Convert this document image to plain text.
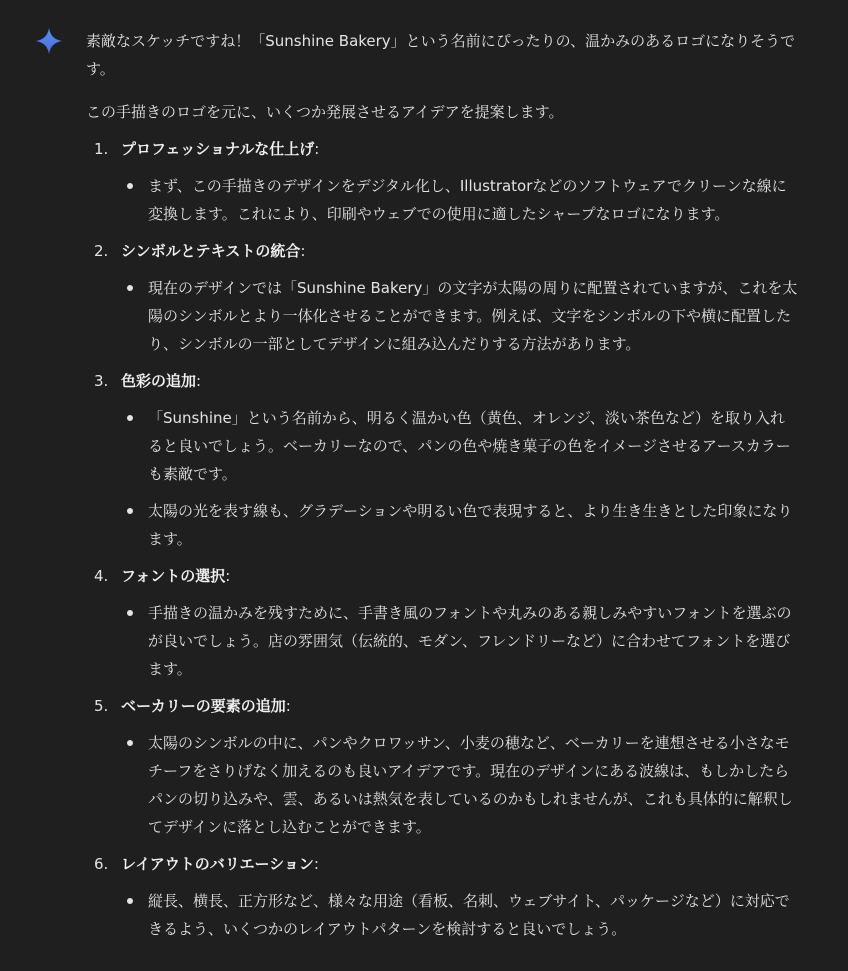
素敵なスケッチですね！「Sunshine Bakery」という名前にぴったりの、温かみのあるロゴになりそうです。

この手描きのロゴを元に、いくつか発展させるアイデアを提案します。

1. プロフェッショナルな仕上げ:
まず、この手描きのデザインをデジタル化し、Illustratorなどのソフトウェアでクリーンな線に変換します。これにより、印刷やウェブでの使用に適したシャープなロゴになります。
2. シンボルとテキストの統合:
現在のデザインでは「Sunshine Bakery」の文字が太陽の周りに配置されていますが、これを太陽のシンボルとより一体化させることができます。例えば、文字をシンボルの下や横に配置したり、シンボルの一部としてデザインに組み込んだりする方法があります。
3. 色彩の追加:
「Sunshine」という名前から、明るく温かい色（黄色、オレンジ、淡い茶色など）を取り入れると良いでしょう。ベーカリーなので、パンの色や焼き菓子の色をイメージさせるアースカラーも素敵です。
太陽の光を表す線も、グラデーションや明るい色で表現すると、より生き生きとした印象になります。
4. フォントの選択:
手描きの温かみを残すために、手書き風のフォントや丸みのある親しみやすいフォントを選ぶのが良いでしょう。店の雰囲気（伝統的、モダン、フレンドリーなど）に合わせてフォントを選びます。
5. ベーカリーの要素の追加:
太陽のシンボルの中に、パンやクロワッサン、小麦の穂など、ベーカリーを連想させる小さなモチーフをさりげなく加えるのも良いアイデアです。現在のデザインにある波線は、もしかしたらパンの切り込みや、雲、あるいは熱気を表しているのかもしれませんが、これも具体的に解釈してデザインに落とし込むことができます。
6. レイアウトのバリエーション:
縦長、横長、正方形など、様々な用途（看板、名刺、ウェブサイト、パッケージなど）に対応できるよう、いくつかのレイアウトパターンを検討すると良いでしょう。
